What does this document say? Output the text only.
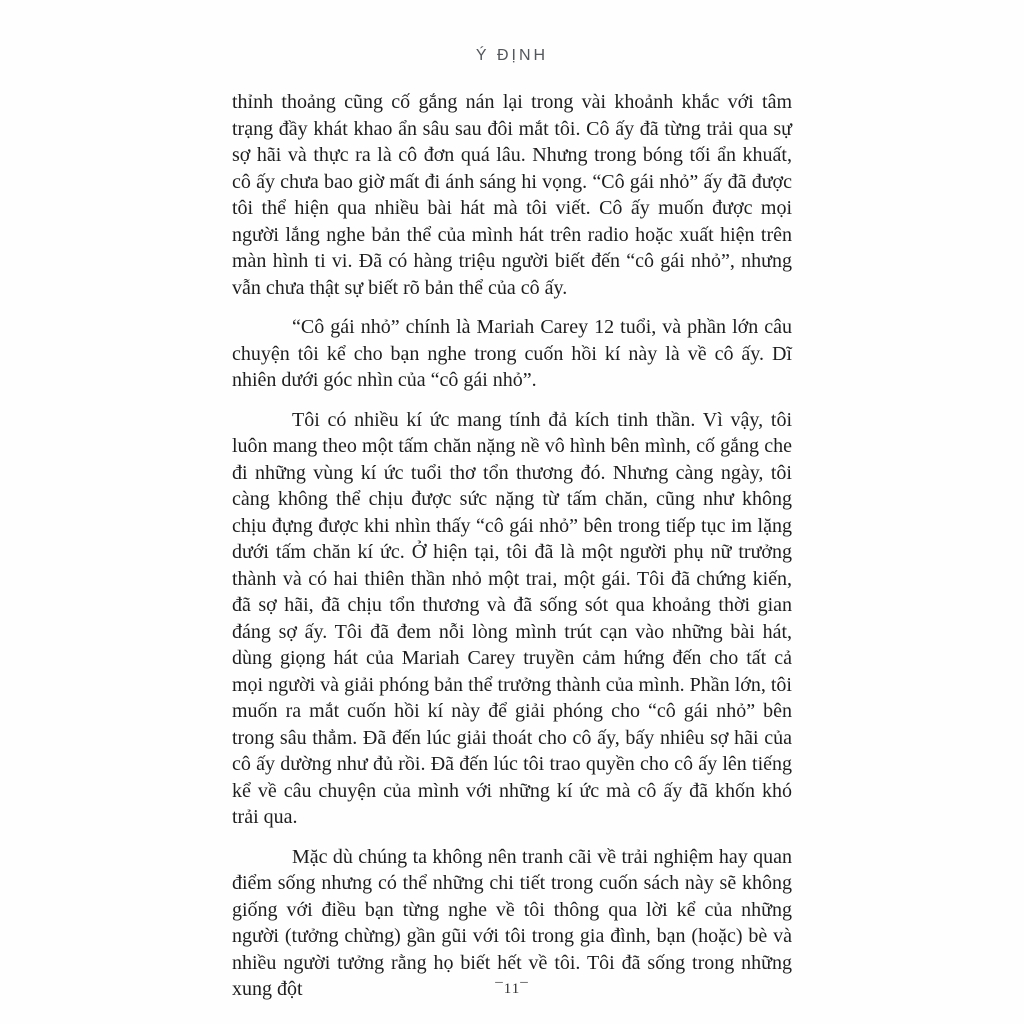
Ý ĐỊNH

thỉnh thoảng cũng cố gắng nán lại trong vài khoảnh khắc với tâm trạng đầy khát khao ẩn sâu sau đôi mắt tôi. Cô ấy đã từng trải qua sự sợ hãi và thực ra là cô đơn quá lâu. Nhưng trong bóng tối ẩn khuất, cô ấy chưa bao giờ mất đi ánh sáng hi vọng. “Cô gái nhỏ” ấy đã được tôi thể hiện qua nhiều bài hát mà tôi viết. Cô ấy muốn được mọi người lắng nghe bản thể của mình hát trên radio hoặc xuất hiện trên màn hình ti vi. Đã có hàng triệu người biết đến “cô gái nhỏ”, nhưng vẫn chưa thật sự biết rõ bản thể của cô ấy.

“Cô gái nhỏ” chính là Mariah Carey 12 tuổi, và phần lớn câu chuyện tôi kể cho bạn nghe trong cuốn hồi kí này là về cô ấy. Dĩ nhiên dưới góc nhìn của “cô gái nhỏ”.

Tôi có nhiều kí ức mang tính đả kích tinh thần. Vì vậy, tôi luôn mang theo một tấm chăn nặng nề vô hình bên mình, cố gắng che đi những vùng kí ức tuổi thơ tổn thương đó. Nhưng càng ngày, tôi càng không thể chịu được sức nặng từ tấm chăn, cũng như không chịu đựng được khi nhìn thấy “cô gái nhỏ” bên trong tiếp tục im lặng dưới tấm chăn kí ức. Ở hiện tại, tôi đã là một người phụ nữ trưởng thành và có hai thiên thần nhỏ một trai, một gái. Tôi đã chứng kiến, đã sợ hãi, đã chịu tổn thương và đã sống sót qua khoảng thời gian đáng sợ ấy. Tôi đã đem nỗi lòng mình trút cạn vào những bài hát, dùng giọng hát của Mariah Carey truyền cảm hứng đến cho tất cả mọi người và giải phóng bản thể trưởng thành của mình. Phần lớn, tôi muốn ra mắt cuốn hồi kí này để giải phóng cho “cô gái nhỏ” bên trong sâu thẳm. Đã đến lúc giải thoát cho cô ấy, bấy nhiêu sợ hãi của cô ấy dường như đủ rồi. Đã đến lúc tôi trao quyền cho cô ấy lên tiếng kể về câu chuyện của mình với những kí ức mà cô ấy đã khốn khó trải qua.

Mặc dù chúng ta không nên tranh cãi về trải nghiệm hay quan điểm sống nhưng có thể những chi tiết trong cuốn sách này sẽ không giống với điều bạn từng nghe về tôi thông qua lời kể của những người (tưởng chừng) gần gũi với tôi trong gia đình, bạn (hoặc) bè và nhiều người tưởng rằng họ biết hết về tôi. Tôi đã sống trong những xung đột	¯11¯
